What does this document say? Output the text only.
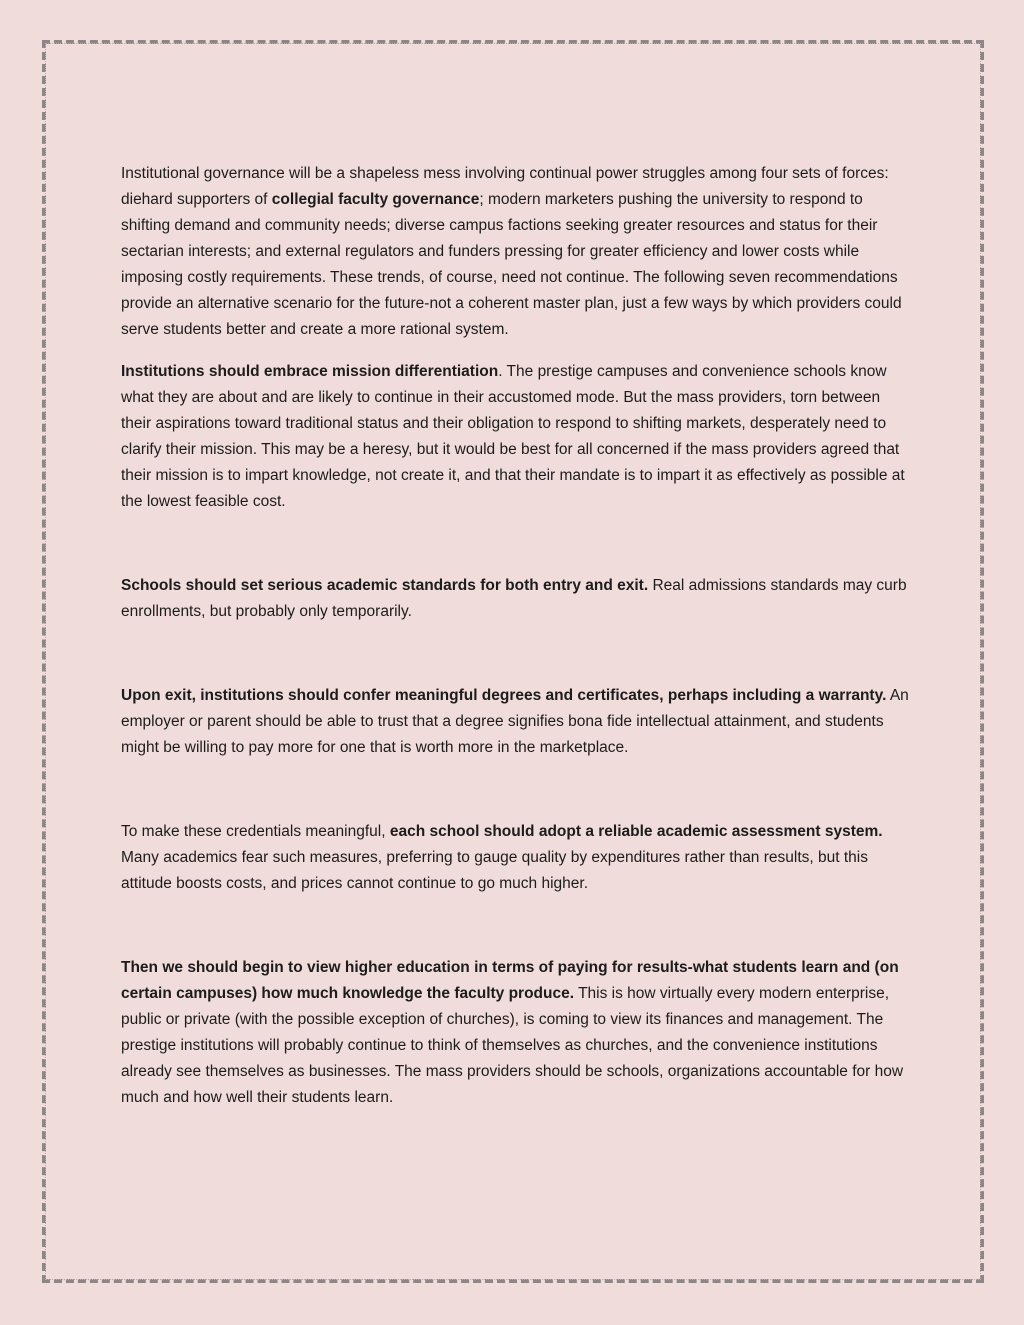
Institutional governance will be a shapeless mess involving continual power struggles among four sets of forces: diehard supporters of collegial faculty governance; modern marketers pushing the university to respond to shifting demand and community needs; diverse campus factions seeking greater resources and status for their sectarian interests; and external regulators and funders pressing for greater efficiency and lower costs while imposing costly requirements. These trends, of course, need not continue. The following seven recommendations provide an alternative scenario for the future-not a coherent master plan, just a few ways by which providers could serve students better and create a more rational system.

Institutions should embrace mission differentiation. The prestige campuses and convenience schools know what they are about and are likely to continue in their accustomed mode. But the mass providers, torn between their aspirations toward traditional status and their obligation to respond to shifting markets, desperately need to clarify their mission. This may be a heresy, but it would be best for all concerned if the mass providers agreed that their mission is to impart knowledge, not create it, and that their mandate is to impart it as effectively as possible at the lowest feasible cost.

Schools should set serious academic standards for both entry and exit. Real admissions standards may curb enrollments, but probably only temporarily.

Upon exit, institutions should confer meaningful degrees and certificates, perhaps including a warranty. An employer or parent should be able to trust that a degree signifies bona fide intellectual attainment, and students might be willing to pay more for one that is worth more in the marketplace.

To make these credentials meaningful, each school should adopt a reliable academic assessment system. Many academics fear such measures, preferring to gauge quality by expenditures rather than results, but this attitude boosts costs, and prices cannot continue to go much higher.

Then we should begin to view higher education in terms of paying for results-what students learn and (on certain campuses) how much knowledge the faculty produce. This is how virtually every modern enterprise, public or private (with the possible exception of churches), is coming to view its finances and management. The prestige institutions will probably continue to think of themselves as churches, and the convenience institutions already see themselves as businesses. The mass providers should be schools, organizations accountable for how much and how well their students learn.
